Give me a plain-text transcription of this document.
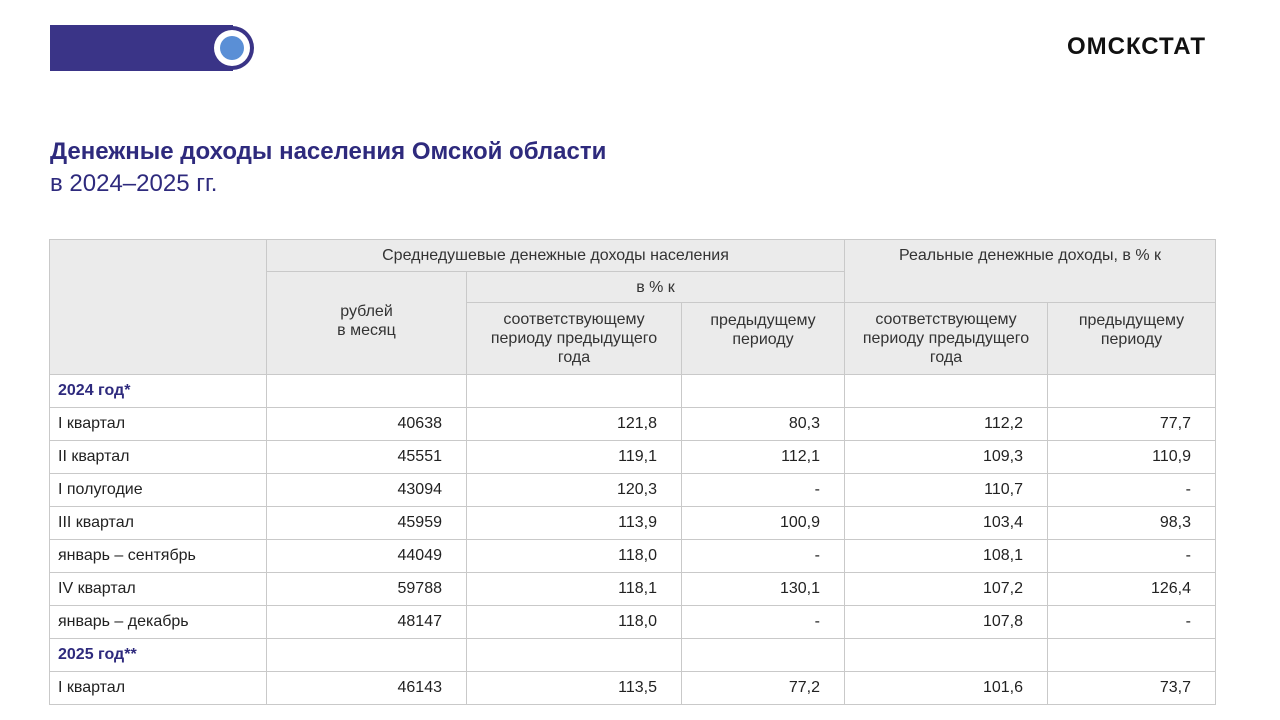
ОМСКСТАТ
Денежные доходы населения Омской области
в 2024–2025 гг.
	Среднедушевые денежные доходы населения			Реальные денежные доходы, в % к	
	рублей
в месяц	в % к			
		соответствующему периоду предыдущего года	предыдущему периоду	соответствующему периоду предыдущего года	предыдущему периоду
2024 год*					
I квартал	40638	121,8	80,3	112,2	77,7
II квартал	45551	119,1	112,1	109,3	110,9
I полугодие	43094	120,3	-	110,7	-
III квартал	45959	113,9	100,9	103,4	98,3
январь – сентябрь	44049	118,0	-	108,1	-
IV квартал	59788	118,1	130,1	107,2	126,4
январь – декабрь	48147	118,0	-	107,8	-
2025 год**					
I квартал	46143	113,5	77,2	101,6	73,7
